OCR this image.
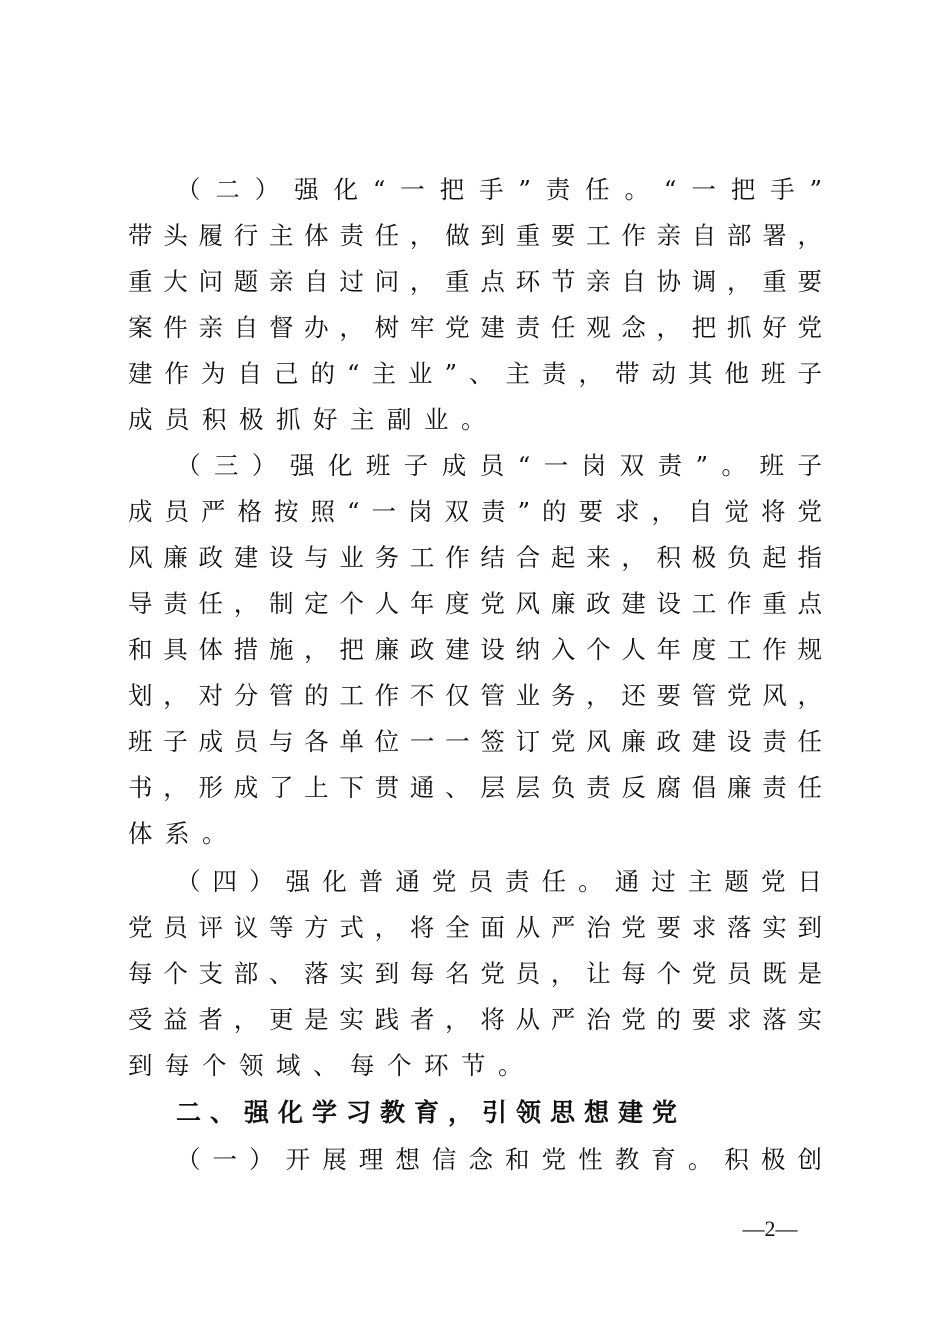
（二）强化“一把手”责任。“一把手”
带头履行主体责任，做到重要工作亲自部署，
重大问题亲自过问，重点环节亲自协调，重要
案件亲自督办，树牢党建责任观念，把抓好党
建作为自己的“主业”、主责，带动其他班子
成员积极抓好主副业。
（三）强化班子成员“一岗双责”。班子
成员严格按照“一岗双责”的要求，自觉将党
风廉政建设与业务工作结合起来，积极负起指
导责任，制定个人年度党风廉政建设工作重点
和具体措施，把廉政建设纳入个人年度工作规
划，对分管的工作不仅管业务，还要管党风，
班子成员与各单位一一签订党风廉政建设责任
书，形成了上下贯通、层层负责反腐倡廉责任
体系。
（四）强化普通党员责任。通过主题党日
党员评议等方式，将全面从严治党要求落实到
每个支部、落实到每名党员，让每个党员既是
受益者，更是实践者，将从严治党的要求落实
到每个领域、每个环节。
二、强化学习教育，引领思想建党
（一）开展理想信念和党性教育。积极创
—2—
